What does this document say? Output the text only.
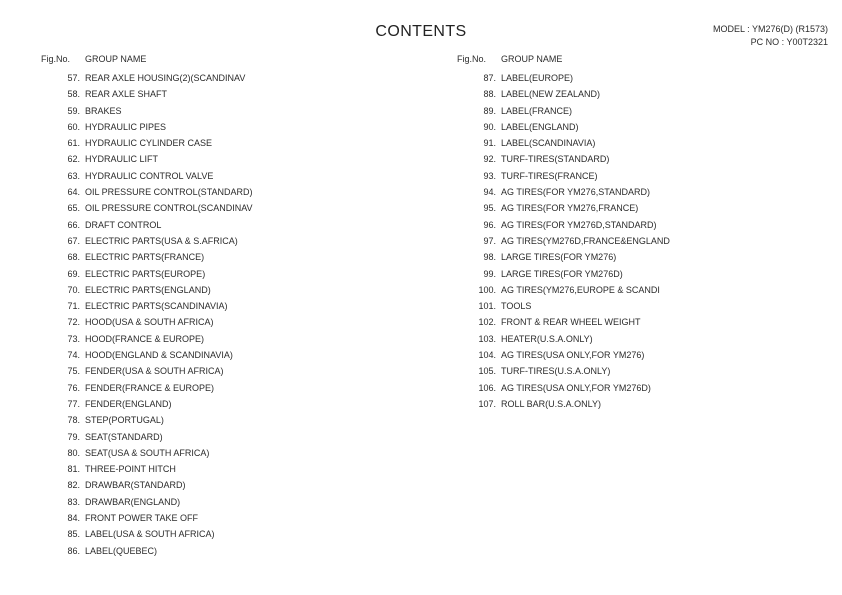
CONTENTS	MODEL : YM276(D) (R1573)
PC NO : Y00T2321
Fig.No. GROUP NAME
57. REAR AXLE HOUSING(2)(SCANDINAV
58. REAR AXLE SHAFT
59. BRAKES
60. HYDRAULIC PIPES
61. HYDRAULIC CYLINDER CASE
62. HYDRAULIC LIFT
63. HYDRAULIC CONTROL VALVE
64. OIL PRESSURE CONTROL(STANDARD)
65. OIL PRESSURE CONTROL(SCANDINAV
66. DRAFT CONTROL
67. ELECTRIC PARTS(USA & S.AFRICA)
68. ELECTRIC PARTS(FRANCE)
69. ELECTRIC PARTS(EUROPE)
70. ELECTRIC PARTS(ENGLAND)
71. ELECTRIC PARTS(SCANDINAVIA)
72. HOOD(USA & SOUTH AFRICA)
73. HOOD(FRANCE & EUROPE)
74. HOOD(ENGLAND & SCANDINAVIA)
75. FENDER(USA & SOUTH AFRICA)
76. FENDER(FRANCE & EUROPE)
77. FENDER(ENGLAND)
78. STEP(PORTUGAL)
79. SEAT(STANDARD)
80. SEAT(USA & SOUTH AFRICA)
81. THREE-POINT HITCH
82. DRAWBAR(STANDARD)
83. DRAWBAR(ENGLAND)
84. FRONT POWER TAKE OFF
85. LABEL(USA & SOUTH AFRICA)
86. LABEL(QUEBEC)
Fig.No. GROUP NAME
87. LABEL(EUROPE)
88. LABEL(NEW ZEALAND)
89. LABEL(FRANCE)
90. LABEL(ENGLAND)
91. LABEL(SCANDINAVIA)
92. TURF-TIRES(STANDARD)
93. TURF-TIRES(FRANCE)
94. AG TIRES(FOR YM276,STANDARD)
95. AG TIRES(FOR YM276,FRANCE)
96. AG TIRES(FOR YM276D,STANDARD)
97. AG TIRES(YM276D,FRANCE&ENGLAND
98. LARGE TIRES(FOR YM276)
99. LARGE TIRES(FOR YM276D)
100. AG TIRES(YM276,EUROPE & SCANDI
101. TOOLS
102. FRONT & REAR WHEEL WEIGHT
103. HEATER(U.S.A.ONLY)
104. AG TIRES(USA ONLY,FOR YM276)
105. TURF-TIRES(U.S.A.ONLY)
106. AG TIRES(USA ONLY,FOR YM276D)
107. ROLL BAR(U.S.A.ONLY)
